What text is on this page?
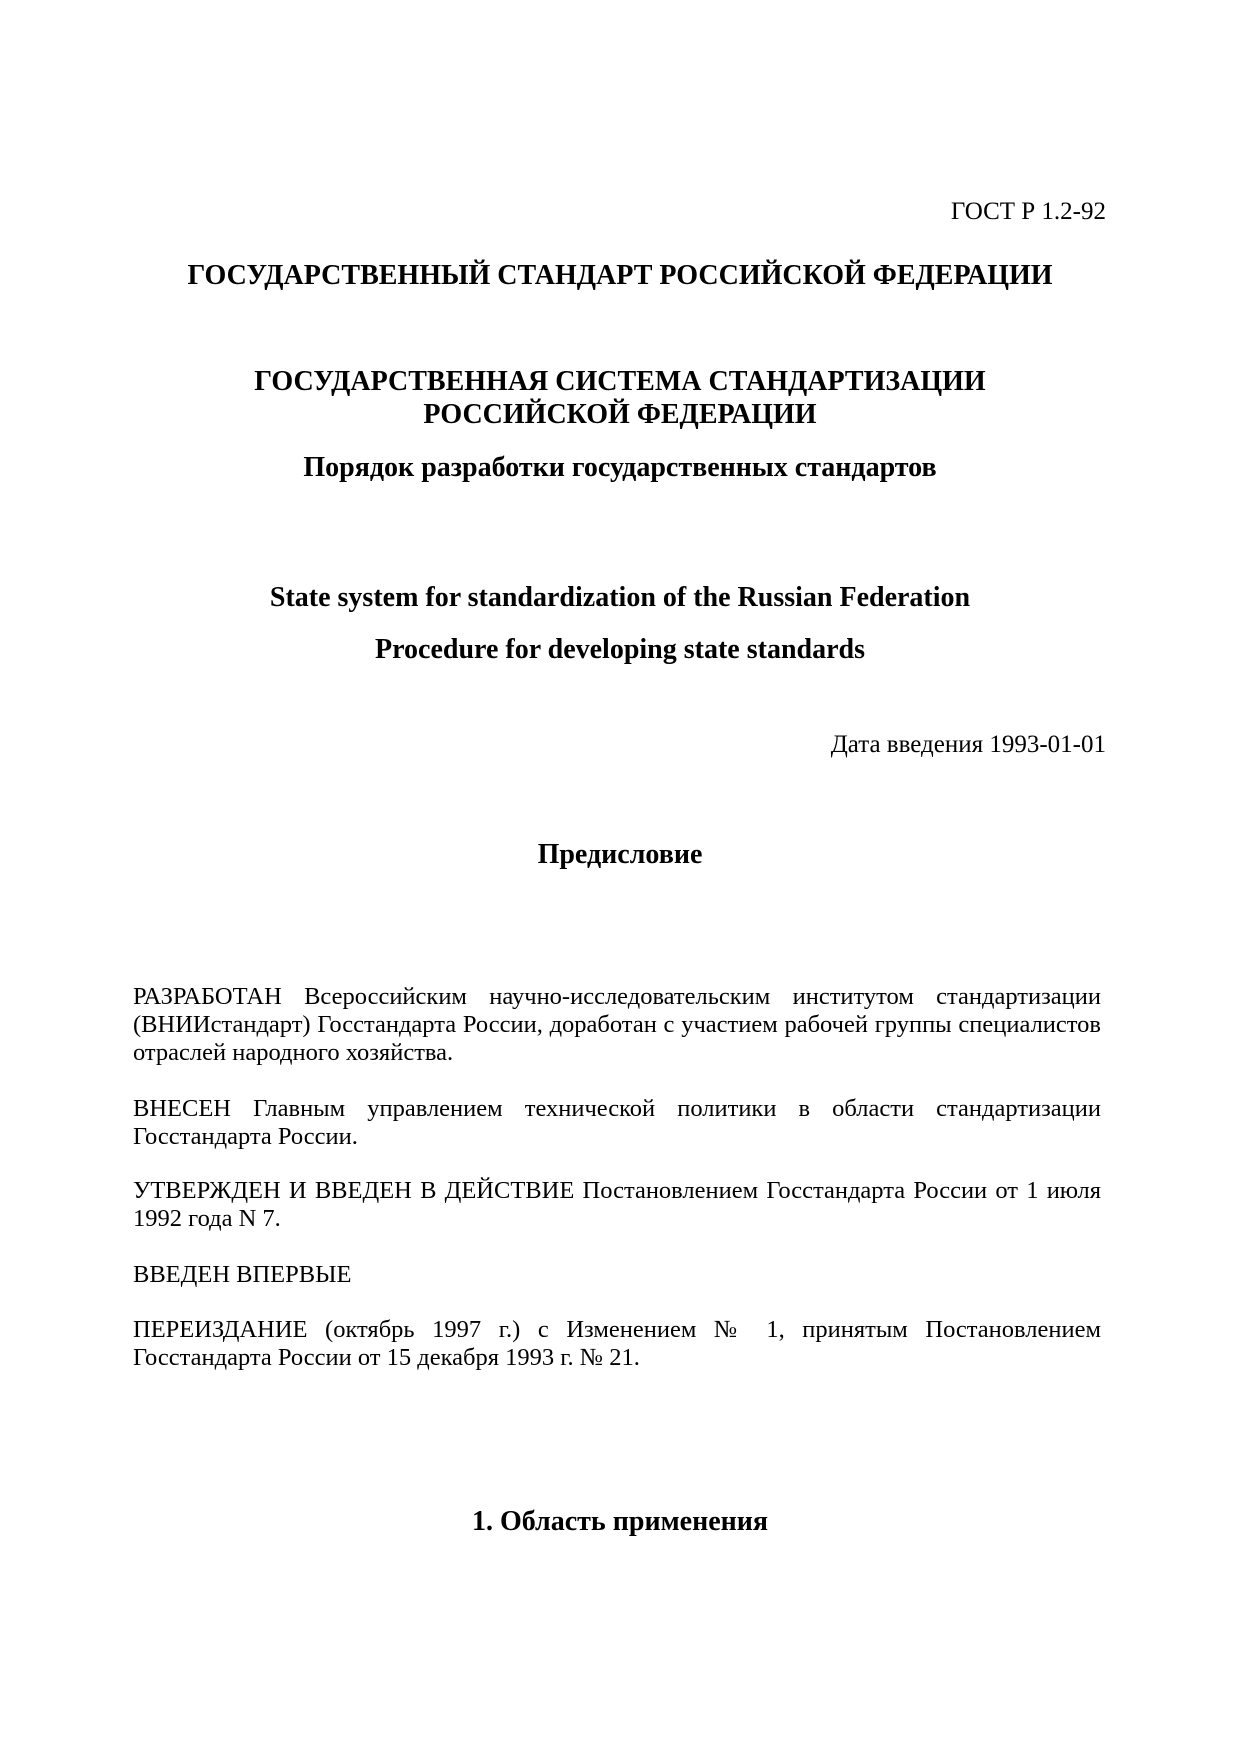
ГОСТ Р 1.2-92

ГОСУДАРСТВЕННЫЙ СТАНДАРТ РОССИЙСКОЙ ФЕДЕРАЦИИ
ГОСУДАРСТВЕННАЯ СИСТЕМА СТАНДАРТИЗАЦИИ
РОССИЙСКОЙ ФЕДЕРАЦИИ
Порядок разработки государственных стандартов
State system for standardization of the Russian Federation
Procedure for developing state standards

Дата введения 1993-01-01

Предисловие

РАЗРАБОТАН Всероссийским научно-исследовательским институтом стандартизации (ВНИИстандарт) Госстандарта России, доработан с участием рабочей группы специалистов отраслей народного хозяйства.

ВНЕСЕН Главным управлением технической политики в области стандартизации Госстандарта России.

УТВЕРЖДЕН И ВВЕДЕН В ДЕЙСТВИЕ Постановлением Госстандарта России от 1 июля 1992 года N 7.

ВВЕДЕН ВПЕРВЫЕ

ПЕРЕИЗДАНИЕ (октябрь 1997 г.) с Изменением № 1, принятым Постановлением Госстандарта России от 15 декабря 1993 г. № 21.

1. Область применения
